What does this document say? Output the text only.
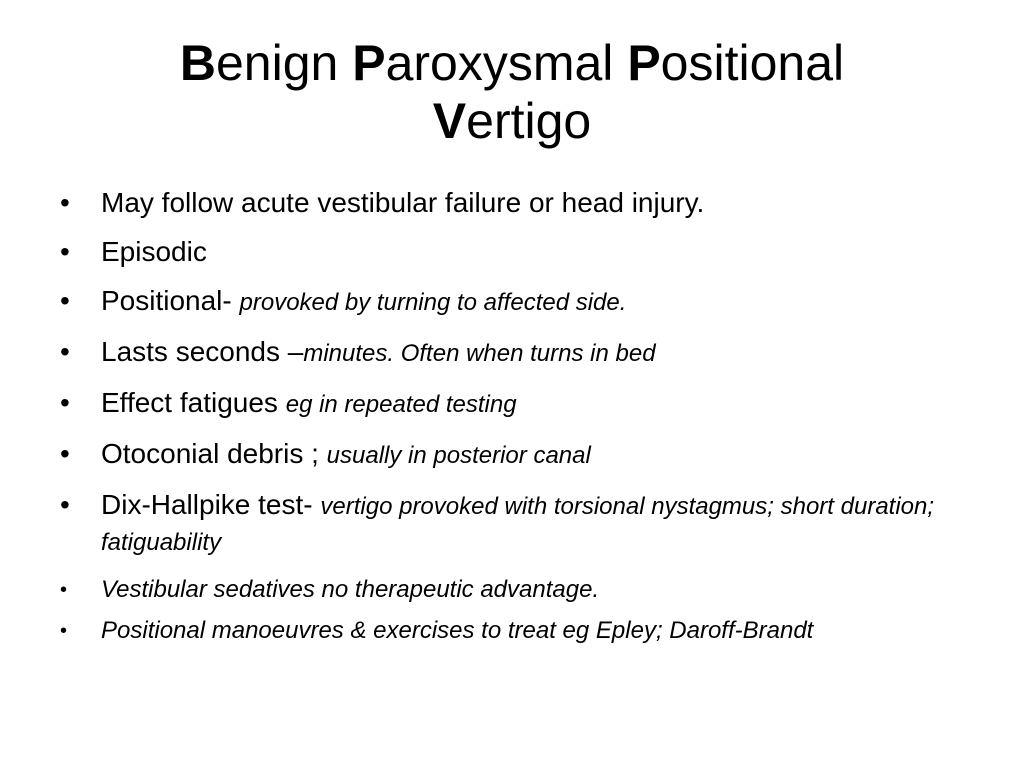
Benign Paroxysmal Positional
Vertigo
• May follow acute vestibular failure or head injury.
• Episodic
• Positional- provoked by turning to affected side.
• Lasts seconds –minutes. Often when turns in bed
• Effect fatigues eg in repeated testing
• Otoconial debris ; usually in posterior canal
• Dix-Hallpike test- vertigo provoked with torsional nystagmus; short duration; fatiguability
• Vestibular sedatives no therapeutic advantage.
• Positional manoeuvres & exercises to treat eg Epley; Daroff-Brandt
